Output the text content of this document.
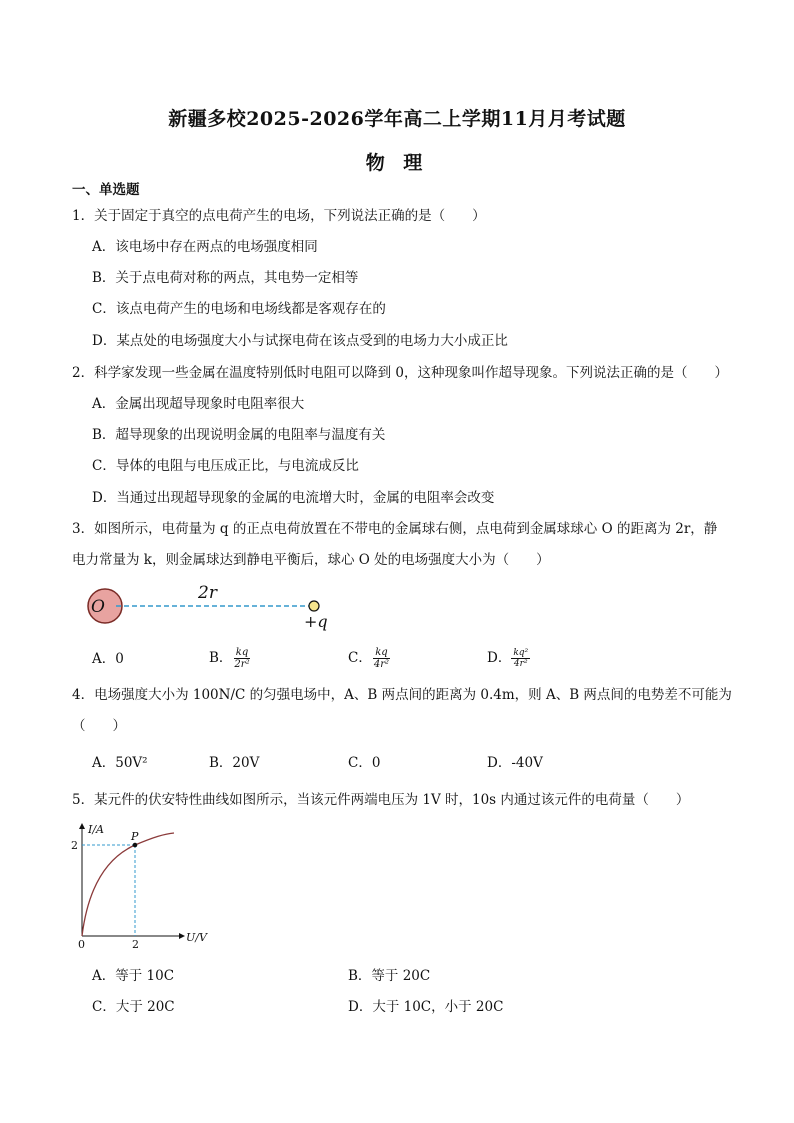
新疆多校2025-2026学年高二上学期11月月考试题
物 理
一、单选题
1．关于固定于真空的点电荷产生的电场，下列说法正确的是（　　）
A．该电场中存在两点的电场强度相同
B．关于点电荷对称的两点，其电势一定相等
C．该点电荷产生的电场和电场线都是客观存在的
D．某点处的电场强度大小与试探电荷在该点受到的电场力大小成正比
2．科学家发现一些金属在温度特别低时电阻可以降到 0，这种现象叫作超导现象。下列说法正确的是（　　）
A．金属出现超导现象时电阻率很大
B．超导现象的出现说明金属的电阻率与温度有关
C．导体的电阻与电压成正比，与电流成反比
D．当通过出现超导现象的金属的电流增大时，金属的电阻率会改变
3．如图所示，电荷量为 q 的正点电荷放置在不带电的金属球右侧，点电荷到金属球球心 O 的距离为 2r，静
电力常量为 k，则金属球达到静电平衡后，球心 O 处的电场强度大小为（　　）
O
2r
+q
A．0	B． $\frac{kq}{\text{2r²}}$	C． $\frac{kq}{\text{4r²}}$	D． $\frac{\text{kq²}}{\text{4r²}}$
4．电场强度大小为 100N/C 的匀强电场中，A、B 两点间的距离为 0.4m，则 A、B 两点间的电势差不可能为
（　　）
A．50V²	B．20V	C．0	D．-40V
5．某元件的伏安特性曲线如图所示，当该元件两端电压为 1V 时，10s 内通过该元件的电荷量（　　）
I/A
U/V
0	2
2
P
A．等于 10C	B．等于 20C
C．大于 20C	D．大于 10C，小于 20C
